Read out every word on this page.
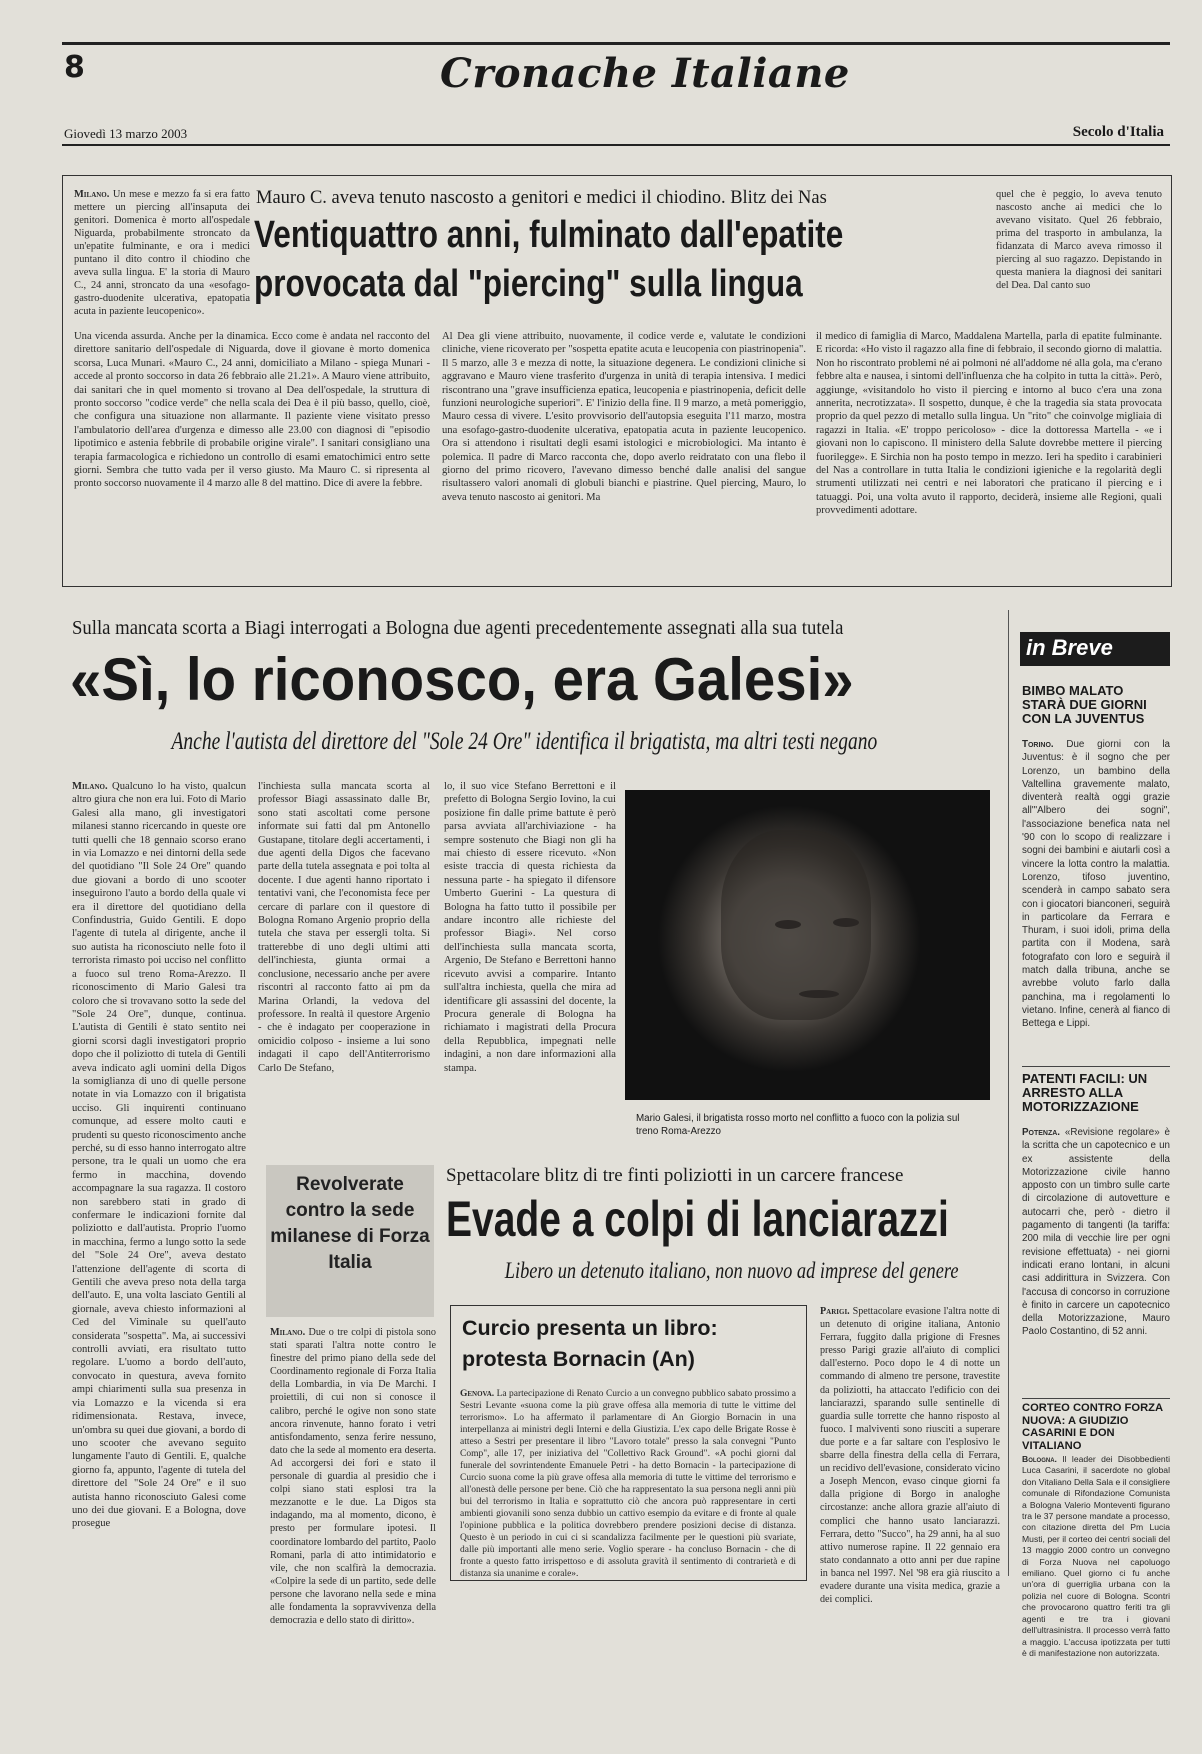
8	Cronache Italiane
Giovedì 13 marzo 2003	Secolo d'Italia
Milano. Un mese e mezzo fa si era fatto mettere un piercing all'insaputa dei genitori. Domenica è morto all'ospedale Niguarda, probabilmente stroncato da un'epatite fulminante, e ora i medici puntano il dito contro il chiodino che aveva sulla lingua. E' la storia di Mauro C., 24 anni, stroncato da una «esofago-gastro-duodenite ulcerativa, epatopatia acuta in paziente leucopenico».
Mauro C. aveva tenuto nascosto a genitori e medici il chiodino. Blitz dei Nas
Ventiquattro anni, fulminato dall'epatite
provocata dal "piercing" sulla lingua
quel che è peggio, lo aveva tenuto nascosto anche ai medici che lo avevano visitato. Quel 26 febbraio, prima del trasporto in ambulanza, la fidanzata di Marco aveva rimosso il piercing al suo ragazzo. Depistando in questa maniera la diagnosi dei sanitari del Dea. Dal canto suo
Una vicenda assurda. Anche per la dinamica. Ecco come è andata nel racconto del direttore sanitario dell'ospedale di Niguarda, dove il giovane è morto domenica scorsa, Luca Munari. «Mauro C., 24 anni, domiciliato a Milano - spiega Munari - accede al pronto soccorso in data 26 febbraio alle 21.21». A Mauro viene attribuito, dai sanitari che in quel momento si trovano al Dea dell'ospedale, la struttura di pronto soccorso "codice verde" che nella scala dei Dea è il più basso, quello, cioè, che configura una situazione non allarmante. Il paziente viene visitato presso l'ambulatorio dell'area d'urgenza e dimesso alle 23.00 con diagnosi di "episodio lipotimico e astenia febbrile di probabile origine virale". I sanitari consigliano una terapia farmacologica e richiedono un controllo di esami ematochimici entro sette giorni. Sembra che tutto vada per il verso giusto. Ma Mauro C. si ripresenta al pronto soccorso nuovamente il 4 marzo alle 8 del mattino. Dice di avere la febbre.
Al Dea gli viene attribuito, nuovamente, il codice verde e, valutate le condizioni cliniche, viene ricoverato per "sospetta epatite acuta e leucopenia con piastrinopenia". Il 5 marzo, alle 3 e mezza di notte, la situazione degenera. Le condizioni cliniche si aggravano e Mauro viene trasferito d'urgenza in unità di terapia intensiva. I medici riscontrano una "grave insufficienza epatica, leucopenia e piastrinopenia, deficit delle funzioni neurologiche superiori". E' l'inizio della fine. Il 9 marzo, a metà pomeriggio, Mauro cessa di vivere. L'esito provvisorio dell'autopsia eseguita l'11 marzo, mostra una esofago-gastro-duodenite ulcerativa, epatopatia acuta in paziente leucopenico. Ora si attendono i risultati degli esami istologici e microbiologici. Ma intanto è polemica. Il padre di Marco racconta che, dopo averlo reidratato con una flebo il giorno del primo ricovero, l'avevano dimesso benché dalle analisi del sangue risultassero valori anomali di globuli bianchi e piastrine. Quel piercing, Mauro, lo aveva tenuto nascosto ai genitori. Ma
il medico di famiglia di Marco, Maddalena Martella, parla di epatite fulminante. E ricorda: «Ho visto il ragazzo alla fine di febbraio, il secondo giorno di malattia. Non ho riscontrato problemi né ai polmoni né all'addome né alla gola, ma c'erano febbre alta e nausea, i sintomi dell'influenza che ha colpito in tutta la città». Però, aggiunge, «visitandolo ho visto il piercing e intorno al buco c'era una zona annerita, necrotizzata». Il sospetto, dunque, è che la tragedia sia stata provocata proprio da quel pezzo di metallo sulla lingua. Un "rito" che coinvolge migliaia di ragazzi in Italia. «E' troppo pericoloso» - dice la dottoressa Martella - «e i giovani non lo capiscono. Il ministero della Salute dovrebbe mettere il piercing fuorilegge». E Sirchia non ha posto tempo in mezzo. Ieri ha spedito i carabinieri del Nas a controllare in tutta Italia le condizioni igieniche e la regolarità degli strumenti utilizzati nei centri e nei laboratori che praticano il piercing e i tatuaggi. Poi, una volta avuto il rapporto, deciderà, insieme alle Regioni, quali provvedimenti adottare.
Sulla mancata scorta a Biagi interrogati a Bologna due agenti precedentemente assegnati alla sua tutela
«Sì, lo riconosco, era Galesi»
Anche l'autista del direttore del "Sole 24 Ore" identifica il brigatista, ma altri testi negano
Milano. Qualcuno lo ha visto, qualcun altro giura che non era lui. Foto di Mario Galesi alla mano, gli investigatori milanesi stanno ricercando in queste ore tutti quelli che 18 gennaio scorso erano in via Lomazzo e nei dintorni della sede del quotidiano "Il Sole 24 Ore" quando due giovani a bordo di uno scooter inseguirono l'auto a bordo della quale vi era il direttore del quotidiano della Confindustria, Guido Gentili. E dopo l'agente di tutela al dirigente, anche il suo autista ha riconosciuto nelle foto il terrorista rimasto poi ucciso nel conflitto a fuoco sul treno Roma-Arezzo. Il riconoscimento di Mario Galesi tra coloro che si trovavano sotto la sede del "Sole 24 Ore", dunque, continua. L'autista di Gentili è stato sentito nei giorni scorsi dagli investigatori proprio dopo che il poliziotto di tutela di Gentili aveva indicato agli uomini della Digos la somiglianza di uno di quelle persone notate in via Lomazzo con il brigatista ucciso. Gli inquirenti continuano comunque, ad essere molto cauti e prudenti su questo riconoscimento anche perché, su di esso hanno interrogato altre persone, tra le quali un uomo che era fermo in macchina, dovendo accompagnare la sua ragazza. Il costoro non sarebbero stati in grado di confermare le indicazioni fornite dal poliziotto e dall'autista. Proprio l'uomo in macchina, fermo a lungo sotto la sede del "Sole 24 Ore", aveva destato l'attenzione dell'agente di scorta di Gentili che aveva preso nota della targa dell'auto. E, una volta lasciato Gentili al giornale, aveva chiesto informazioni al Ced del Viminale su quell'auto considerata "sospetta". Ma, ai successivi controlli avviati, era risultato tutto regolare. L'uomo a bordo dell'auto, convocato in questura, aveva fornito ampi chiarimenti sulla sua presenza in via Lomazzo e la vicenda si era ridimensionata. Restava, invece, un'ombra su quei due giovani, a bordo di uno scooter che avevano seguito lungamente l'auto di Gentili. E, qualche giorno fa, appunto, l'agente di tutela del direttore del "Sole 24 Ore" e il suo autista hanno riconosciuto Galesi come uno dei due giovani. E a Bologna, dove prosegue
l'inchiesta sulla mancata scorta al professor Biagi assassinato dalle Br, sono stati ascoltati come persone informate sui fatti dal pm Antonello Gustapane, titolare degli accertamenti, i due agenti della Digos che facevano parte della tutela assegnata e poi tolta al docente. I due agenti hanno riportato i tentativi vani, che l'economista fece per cercare di parlare con il questore di Bologna Romano Argenio proprio della tutela che stava per essergli tolta. Si tratterebbe di uno degli ultimi atti dell'inchiesta, giunta ormai a conclusione, necessario anche per avere riscontri al racconto fatto ai pm da Marina Orlandi, la vedova del professore. In realtà il questore Argenio - che è indagato per cooperazione in omicidio colposo - insieme a lui sono indagati il capo dell'Antiterrorismo Carlo De Stefano,
lo, il suo vice Stefano Berrettoni e il prefetto di Bologna Sergio Iovino, la cui posizione fin dalle prime battute è però parsa avviata all'archiviazione - ha sempre sostenuto che Biagi non gli ha mai chiesto di essere ricevuto. «Non esiste traccia di questa richiesta da nessuna parte - ha spiegato il difensore Umberto Guerini - La questura di Bologna ha fatto tutto il possibile per andare incontro alle richieste del professor Biagi». Nel corso dell'inchiesta sulla mancata scorta, Argenio, De Stefano e Berrettoni hanno ricevuto avvisi a comparire. Intanto sull'altra inchiesta, quella che mira ad identificare gli assassini del docente, la Procura generale di Bologna ha richiamato i magistrati della Procura della Repubblica, impegnati nelle indagini, a non dare informazioni alla stampa.
Mario Galesi, il brigatista rosso morto nel conflitto a fuoco con la polizia sul treno Roma-Arezzo
Revolverate contro la sede milanese di Forza Italia
Milano. Due o tre colpi di pistola sono stati sparati l'altra notte contro le finestre del primo piano della sede del Coordinamento regionale di Forza Italia della Lombardia, in via De Marchi. I proiettili, di cui non si conosce il calibro, perché le ogive non sono state ancora rinvenute, hanno forato i vetri antisfondamento, senza ferire nessuno, dato che la sede al momento era deserta. Ad accorgersi dei fori e stato il personale di guardia al presidio che i colpi siano stati esplosi tra la mezzanotte e le due. La Digos sta indagando, ma al momento, dicono, è presto per formulare ipotesi. Il coordinatore lombardo del partito, Paolo Romani, parla di atto intimidatorio e vile, che non scalfirà la democrazia. «Colpire la sede di un partito, sede delle persone che lavorano nella sede e mina alle fondamenta la sopravvivenza della democrazia e dello stato di diritto».
Spettacolare blitz di tre finti poliziotti in un carcere francese
Evade a colpi di lanciarazzi
Libero un detenuto italiano, non nuovo ad imprese del genere
Curcio presenta un libro: protesta Bornacin (An)
Genova. La partecipazione di Renato Curcio a un convegno pubblico sabato prossimo a Sestri Levante «suona come la più grave offesa alla memoria di tutte le vittime del terrorismo». Lo ha affermato il parlamentare di An Giorgio Bornacin in una interpellanza ai ministri degli Interni e della Giustizia. L'ex capo delle Brigate Rosse è atteso a Sestri per presentare il libro "Lavoro totale" presso la sala convegni "Punto Comp", alle 17, per iniziativa del "Collettivo Rack Ground". «A pochi giorni dal funerale del sovrintendente Emanuele Petri - ha detto Bornacin - la partecipazione di Curcio suona come la più grave offesa alla memoria di tutte le vittime del terrorismo e all'onestà delle persone per bene. Ciò che ha rappresentato la sua persona negli anni più bui del terrorismo in Italia e soprattutto ciò che ancora può rappresentare in certi ambienti giovanili sono senza dubbio un cattivo esempio da evitare e di fronte al quale l'opinione pubblica e la politica dovrebbero prendere posizioni decise di distanza. Questo è un periodo in cui ci si scandalizza facilmente per le questioni più svariate, dalle più importanti alle meno serie. Voglio sperare - ha concluso Bornacin - che di fronte a questo fatto irrispettoso e di assoluta gravità il sentimento di contrarietà e di distanza sia unanime e corale».
Parigi. Spettacolare evasione l'altra notte di un detenuto di origine italiana, Antonio Ferrara, fuggito dalla prigione di Fresnes presso Parigi grazie all'aiuto di complici dall'esterno. Poco dopo le 4 di notte un commando di almeno tre persone, travestite da poliziotti, ha attaccato l'edificio con dei lanciarazzi, sparando sulle sentinelle di guardia sulle torrette che hanno risposto al fuoco. I malviventi sono riusciti a superare due porte e a far saltare con l'esplosivo le sbarre della finestra della cella di Ferrara, un recidivo dell'evasione, considerato vicino a Joseph Mencon, evaso cinque giorni fa dalla prigione di Borgo in analoghe circostanze: anche allora grazie all'aiuto di complici che hanno usato lanciarazzi. Ferrara, detto "Succo", ha 29 anni, ha al suo attivo numerose rapine. Il 22 gennaio era stato condannato a otto anni per due rapine in banca nel 1997. Nel '98 era già riuscito a evadere durante una visita medica, grazie a dei complici.
in Breve
BIMBO MALATO STARÀ DUE GIORNI CON LA JUVENTUS
Torino. Due giorni con la Juventus: è il sogno che per Lorenzo, un bambino della Valtellina gravemente malato, diventerà realtà oggi grazie all'"Albero dei sogni", l'associazione benefica nata nel '90 con lo scopo di realizzare i sogni dei bambini e aiutarli così a vincere la lotta contro la malattia. Lorenzo, tifoso juventino, scenderà in campo sabato sera con i giocatori bianconeri, seguirà in particolare da Ferrara e Thuram, i suoi idoli, prima della partita con il Modena, sarà fotografato con loro e seguirà il match dalla tribuna, anche se avrebbe voluto farlo dalla panchina, ma i regolamenti lo vietano. Infine, cenerà al fianco di Bettega e Lippi.
PATENTI FACILI: UN ARRESTO ALLA MOTORIZZAZIONE
Potenza. «Revisione regolare» è la scritta che un capotecnico e un ex assistente della Motorizzazione civile hanno apposto con un timbro sulle carte di circolazione di autovetture e autocarri che, però - dietro il pagamento di tangenti (la tariffa: 200 mila di vecchie lire per ogni revisione effettuata) - nei giorni indicati erano lontani, in alcuni casi addirittura in Svizzera. Con l'accusa di concorso in corruzione è finito in carcere un capotecnico della Motorizzazione, Mauro Paolo Costantino, di 52 anni.
CORTEO CONTRO FORZA NUOVA: A GIUDIZIO CASARINI E DON VITALIANO
Bologna. Il leader dei Disobbedienti Luca Casarini, il sacerdote no global don Vitaliano Della Sala e il consigliere comunale di Rifondazione Comunista a Bologna Valerio Monteventi figurano tra le 37 persone mandate a processo, con citazione diretta del Pm Lucia Musti, per il corteo dei centri sociali del 13 maggio 2000 contro un convegno di Forza Nuova nel capoluogo emiliano. Quel giorno ci fu anche un'ora di guerriglia urbana con la polizia nel cuore di Bologna. Scontri che provocarono quattro feriti tra gli agenti e tre tra i giovani dell'ultrasinistra. Il processo verrà fatto a maggio. L'accusa ipotizzata per tutti è di manifestazione non autorizzata.
